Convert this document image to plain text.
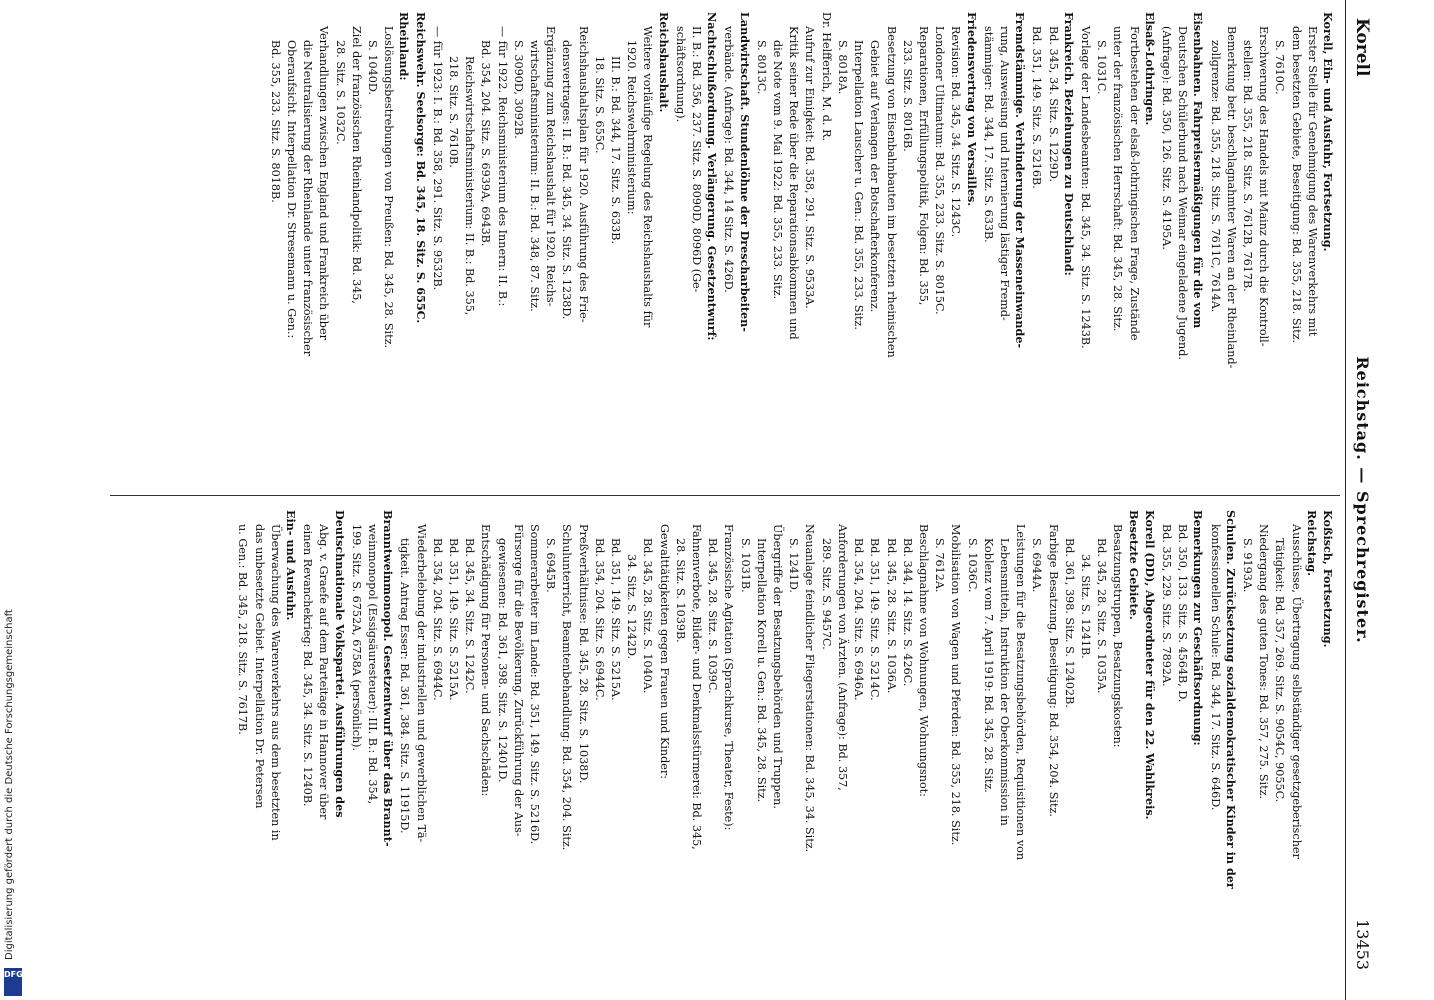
Korell
Reichstag. — Sprechregister.
13453
Korell, Ein- und Ausfuhr, Fortsetzung.
Erster Stelle für Genehmigung des Warenverkehrs mit
dem besetzten Gebiete, Beseitigung: Bd. 355, 218. Sitz.
S. 7610C.
Erschwerung des Handels mit Mainz durch die Kontroll-
stellen: Bd. 355, 218. Sitz. S. 7612B, 7617B.
Bemerkung betr. beschlagnahmter Waren an der Rheinland-
zollgrenze: Bd. 355, 218. Sitz. S. 7611C, 7614A.
Eisenbahnen. Fahrpreisermäßigungen für die vom
Deutschen Schülerbund nach Weimar eingeladene Jugend.
(Anfrage): Bd. 350, 126. Sitz. S. 4195A.
Elsaß-Lothringen.
Fortbestehen der elsaß-lothringischen Frage, Zustände
unter der französischen Herrschaft: Bd. 345, 28. Sitz.
S. 1031C.
Vorlage der Landesbeamten: Bd. 345, 34. Sitz. S. 1243B.
Frankreich. Beziehungen zu Deutschland:
Bd. 345, 34. Sitz. S. 1229D.
Bd. 351, 149. Sitz. S. 5216B.
Fremdstämmige. Verhinderung der Masseneinwande-
rung, Ausweisung und Internierung lästiger Fremd-
stämmiger: Bd. 344, 17. Sitz. S. 633B.
Friedensvertrag von Versailles.
Revision: Bd. 345, 34. Sitz. S. 1243C.
Londoner Ultimatum: Bd. 355, 233. Sitz. S. 8015C.
Reparationen, Erfüllungspolitik, Folgen: Bd. 355,
233. Sitz. S. 8016B.
Besetzung von Eisenbahnbauten im besetzten rheinischen
Gebiet auf Verlangen der Botschafterkonferenz.
Interpellation Lauscher u. Gen.: Bd. 355, 233. Sitz.
S. 8018A.
Dr. Helfferich, M. d. R.
Aufruf zur Einigkeit: Bd. 358, 291. Sitz. S. 9533A.
Kritik seiner Rede über die Reparationsabkommen und
die Note vom 9. Mai 1922: Bd. 355, 233. Sitz.
S. 8013C.
Landwirtschaft. Stundenlöhne der Drescharbeiten-
verbände. (Anfrage): Bd. 344, 14 Sitz. S. 426D.
Nachtschlußordnung. Verlängerung. Gesetzentwurf:
II. B.: Bd. 356, 237. Sitz. S. 8090D, 8096D (Ge-
schäftsordnung).
Reichshaushalt.
Weitere vorläufige Regelung des Reichshaushalts für
1920. Reichswehrministerium:
III. B.: Bd. 344, 17. Sitz. S. 633B.
18. Sitz. S. 655C.
Reichshaushaltsplan für 1920. Ausführung des Frie-
densvertrages: II. B.: Bd. 345, 34. Sitz. S. 1238D.
Ergänzung zum Reichshaushalt für 1920. Reichs-
wirtschaftsministerium: II. B.: Bd. 348, 87. Sitz.
S. 3090D, 3092B.
— für 1922. Reichsministerium des Innern: II. B.:
Bd. 354, 204. Sitz. S. 6939A, 6943B.
Reichswirtschaftsministerium: II. B.: Bd. 355,
218. Sitz. S. 7610B.
— für 1923: I. B.: Bd. 358, 291. Sitz. S. 9532B.
Reichswehr. Seelsorge: Bd. 345, 18. Sitz. S. 655C.
Rheinland:
Loslösungsbestrebungen von Preußen: Bd. 345, 28. Sitz.
S. 1040D.
Ziel der französischen Rheinlandpolitik: Bd. 345,
28. Sitz. S. 1032C.
Verhandlungen zwischen England und Frankreich über
die Neutralisierung der Rheinlande unter französischer
Oberaufsicht. Interpellation Dr. Stresemann u. Gen.:
Bd. 355, 233. Sitz. S. 8018B.
Koßisch, Fortsetzung.
Reichstag.
Ausschüsse, Übertragung selbständiger gesetzgeberischer
Tätigkeit: Bd. 357, 269. Sitz. S. 9054C, 9055C.
Niedergang des guten Tones: Bd. 357, 275. Sitz.
S. 9193A.
Schulen. Zurücksetzung sozialdemokratischer Kinder in der
konfessionellen Schule: Bd. 344, 17. Sitz. S. 646D.
Bemerkungen zur Geschäftsordnung:
Bd. 350, 133. Sitz. S. 4564B, D.
Bd. 355, 229. Sitz. S. 7892A.
Korell (DD), Abgeordneter für den 22. Wahlkreis.
Besetzte Gebiete.
Besatzungstruppen, Besatzungskosten:
Bd. 345, 28. Sitz. S. 1035A.
34. Sitz. S. 1241B.
Bd. 361, 398. Sitz. S. 12402B.
Farbige Besatzung, Beseitigung: Bd. 354, 204. Sitz.
S. 6944A.
Leistungen für die Besatzungsbehörden, Requisitionen von
Lebensmitteln, Instruktion der Oberkommission in
Koblenz vom 7. April 1919: Bd. 345, 28. Sitz.
S. 1036C.
Mobilisation von Wagen und Pferden: Bd. 355, 218. Sitz.
S. 7612A.
Beschlagnahme von Wohnungen, Wohnungsnot:
Bd. 344, 14. Sitz. S. 426C.
Bd. 345, 28. Sitz. S. 1036A.
Bd. 351, 149. Sitz. S. 5214C.
Bd. 354, 204. Sitz. S. 6946A.
Anforderungen von Ärzten. (Anfrage): Bd. 357,
289. Sitz. S. 9457C.
Neuanlage feindlicher Fliegerstationen: Bd. 345, 34. Sitz.
S. 1241D.
Übergriffe der Besatzungsbehörden und Truppen.
Interpellation Korell u. Gen.: Bd. 345, 28. Sitz.
S. 1031B.
Französische Agitation (Sprachkurse, Theater, Feste):
Bd. 345, 28. Sitz. S. 1039C.
Fahnenverbote, Bilder- und Denkmalsstürmerei: Bd. 345,
28. Sitz. S. 1039B.
Gewalttätigkeiten gegen Frauen und Kinder:
Bd. 345, 28. Sitz. S. 1040A.
34. Sitz. S. 1242D.
Bd. 351, 149. Sitz. S. 5215A.
Bd. 354, 204. Sitz. S. 6944C.
Preßverhältnisse: Bd. 345, 28. Sitz. S. 1038D.
Schulunterricht, Beamtenbehandlung: Bd. 354, 204. Sitz.
S. 6945B.
Sommerarbeiter im Lande: Bd. 351, 149. Sitz. S. 5216D.
Fürsorge für die Bevölkerung, Zurückführung der Aus-
gewiesenen: Bd. 361, 398. Sitz. S. 12401D.
Entschädigung für Personen- und Sachschäden:
Bd. 345, 34. Sitz. S. 1242C.
Bd. 351, 149. Sitz. S. 5215A.
Bd. 354, 204. Sitz. S. 6944C.
Wiederbelebung der industriellen und gewerblichen Tä-
tigkeit. Antrag Esser: Bd. 361, 384. Sitz. S. 11915D.
Branntweinmonopol. Gesetzentwurf über das Brannt-
weinmonopol (Essigsäuresteuer): III. B.: Bd. 354,
199. Sitz. S. 6752A, 6758A (persönlich).
Deutschnationale Volkspartei. Ausführungen des
Abg. v. Graefe auf dem Parteitage in Hannover über
einen Revanchekrieg: Bd. 345, 34. Sitz. S. 1240B.
Ein- und Ausfuhr.
Überwachung des Warenverkehrs aus dem besetzten in
das unbesetzte Gebiet. Interpellation Dr. Petersen
u. Gen.: Bd. 345, 218. Sitz. S. 7617B.
DFG
Digitalisierung gefördert durch die Deutsche Forschungsgemeinschaft
